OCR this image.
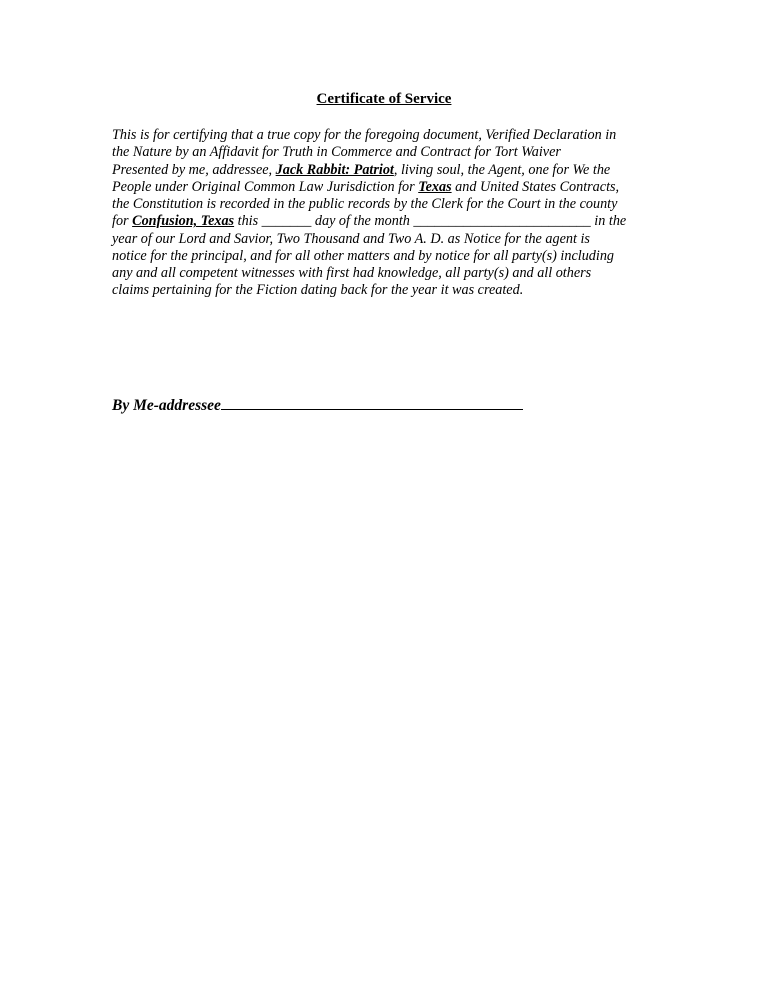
Certificate of Service

This is for certifying that a true copy for the foregoing document, Verified Declaration in
the Nature by an Affidavit for Truth in Commerce and Contract for Tort Waiver
Presented by me, addressee, Jack Rabbit: Patriot, living soul, the Agent, one for We the
People under Original Common Law Jurisdiction for Texas and United States Contracts,
the Constitution is recorded in the public records by the Clerk for the Court in the county
for Confusion, Texas this _______ day of the month _________________________ in the
year of our Lord and Savior, Two Thousand and Two A. D. as Notice for the agent is
notice for the principal, and for all other matters and by notice for all party(s) including
any and all competent witnesses with first had knowledge, all party(s) and all others
claims pertaining for the Fiction dating back for the year it was created.

By Me-addressee
